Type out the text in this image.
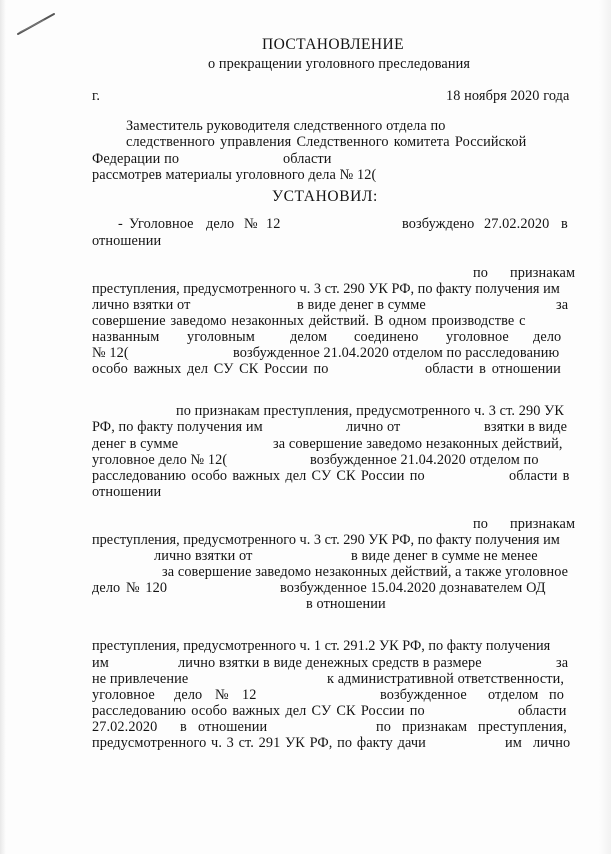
ПОСТАНОВЛЕНИЕ
о прекращении уголовного преследования
г.	18 ноября 2020 года
Заместитель руководителя следственного отдела по
следственного управления Следственного комитета Российской
Федерации по	области
рассмотрев материалы уголовного дела № 12(
УСТАНОВИЛ:
- Уголовное дело № 12	возбуждено 27.02.2020 в
отношении
по признакам
преступления, предусмотренного ч. 3 ст. 290 УК РФ, по факту получения им
лично взятки от	в виде денег в сумме	за
совершение заведомо незаконных действий. В одном производстве с
названным уголовным делом соединено уголовное дело
№ 12(	возбужденное 21.04.2020 отделом по расследованию
особо важных дел СУ СК России по	области в отношении
по признакам преступления, предусмотренного ч. 3 ст. 290 УК
РФ, по факту получения им	лично от	взятки в виде
денег в сумме	за совершение заведомо незаконных действий,
уголовное дело № 12(	возбужденное 21.04.2020 отделом по
расследованию особо важных дел СУ СК России по	области в
отношении
по признакам
преступления, предусмотренного ч. 3 ст. 290 УК РФ, по факту получения им
лично взятки от	в виде денег в сумме не менее
за совершение заведомо незаконных действий, а также уголовное
дело № 120	возбужденное 15.04.2020 дознавателем ОД
в отношении
преступления, предусмотренного ч. 1 ст. 291.2 УК РФ, по факту получения
им	лично взятки в виде денежных средств в размере	за
не привлечение	к административной ответственности,
уголовное дело № 12	возбужденное отделом по
расследованию особо важных дел СУ СК России по	области
27.02.2020 в отношении	по признакам преступления,
предусмотренного ч. 3 ст. 291 УК РФ, по факту дачи	им лично
